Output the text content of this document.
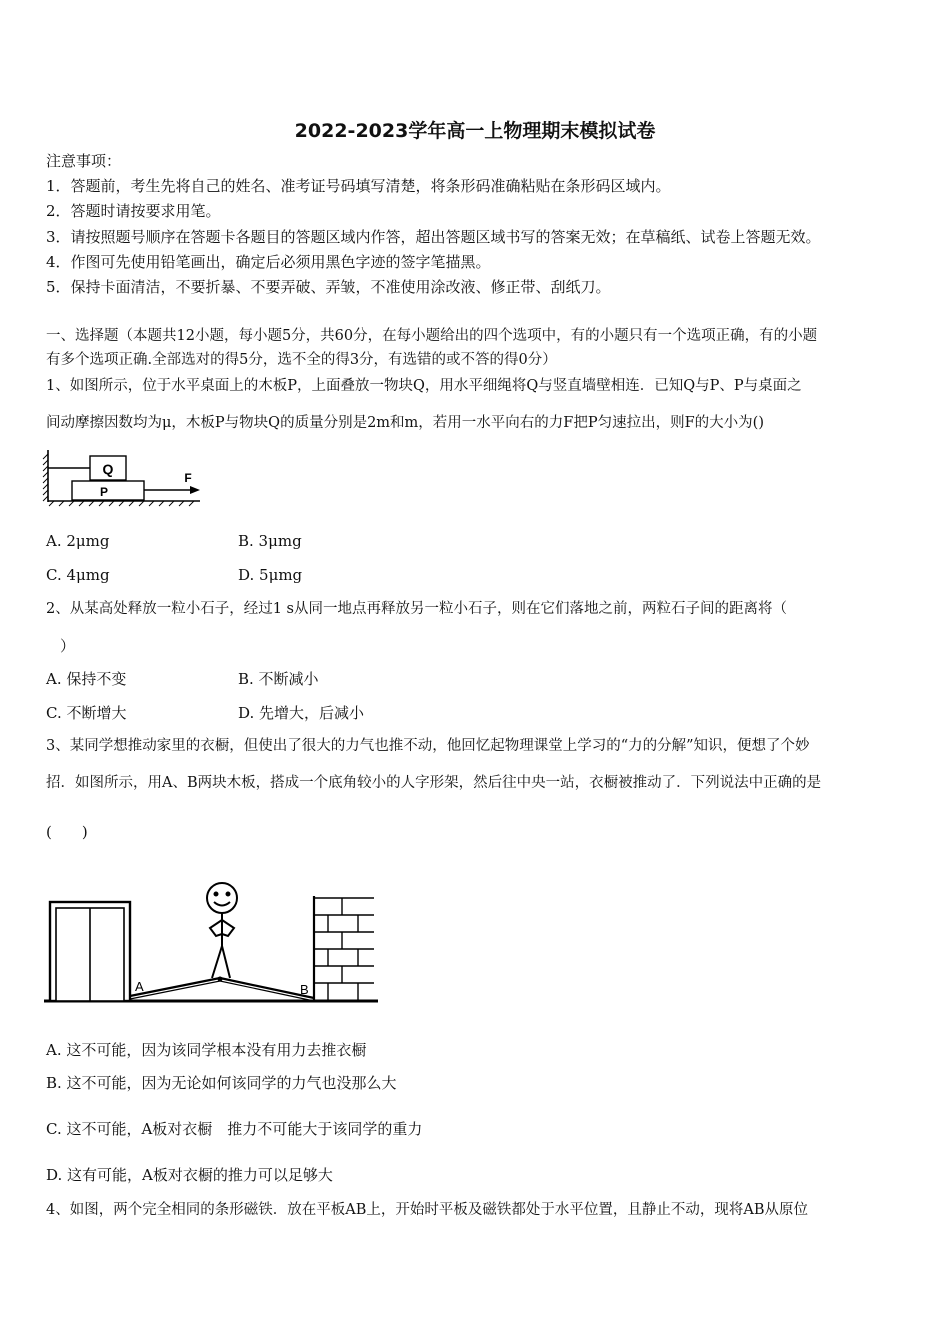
2022-2023学年高一上物理期末模拟试卷
注意事项：
1．答题前，考生先将自己的姓名、准考证号码填写清楚，将条形码准确粘贴在条形码区域内。
2．答题时请按要求用笔。
3．请按照题号顺序在答题卡各题目的答题区域内作答，超出答题区域书写的答案无效；在草稿纸、试卷上答题无效。
4．作图可先使用铅笔画出，确定后必须用黑色字迹的签字笔描黑。
5．保持卡面清洁，不要折暴、不要弄破、弄皱，不准使用涂改液、修正带、刮纸刀。
一、选择题（本题共12小题，每小题5分，共60分，在每小题给出的四个选项中，有的小题只有一个选项正确，有的小题
有多个选项正确.全部选对的得5分，选不全的得3分，有选错的或不答的得0分）
1、如图所示，位于水平桌面上的木板P，上面叠放一物块Q，用水平细绳将Q与竖直墙壁相连．已知Q与P、P与桌面之
间动摩擦因数均为μ，木板P与物块Q的质量分别是2m和m，若用一水平向右的力F把P匀速拉出，则F的大小为()
Q
P
F
A. 2μmg	B. 3μmg
C. 4μmg	D. 5μmg
2、从某高处释放一粒小石子，经过1 s从同一地点再释放另一粒小石子，则在它们落地之前，两粒石子间的距离将（
）
A. 保持不变	B. 不断减小
C. 不断增大	D. 先增大，后减小
3、某同学想推动家里的衣橱，但使出了很大的力气也推不动，他回忆起物理课堂上学习的“力的分解”知识，便想了个妙
招．如图所示，用A、B两块木板，搭成一个底角较小的人字形架，然后往中央一站，衣橱被推动了．下列说法中正确的是
(　　)
A	B
A. 这不可能，因为该同学根本没有用力去推衣橱
B. 这不可能，因为无论如何该同学的力气也没那么大
C. 这不可能，A板对衣橱　推力不可能大于该同学的重力
D. 这有可能，A板对衣橱的推力可以足够大
4、如图，两个完全相同的条形磁铁．放在平板AB上，开始时平板及磁铁都处于水平位置，且静止不动，现将AB从原位
